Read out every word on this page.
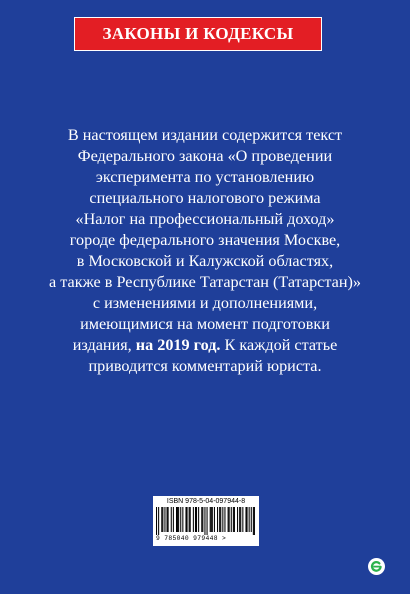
ЗАКОНЫ И КОДЕКСЫ
В настоящем издании содержится текст
Федерального закона «О проведении
эксперимента по установлению
специального налогового режима
«Налог на профессиональный доход»
городе федерального значения Москве,
в Московской и Калужской областях,
а также в Республике Татарстан (Татарстан)»
с изменениями и дополнениями,
имеющимися на момент подготовки
издания, на 2019 год. К каждой статье
приводится комментарий юриста.
ISBN 978-5-04-097944-8
9 785040 979448 >
